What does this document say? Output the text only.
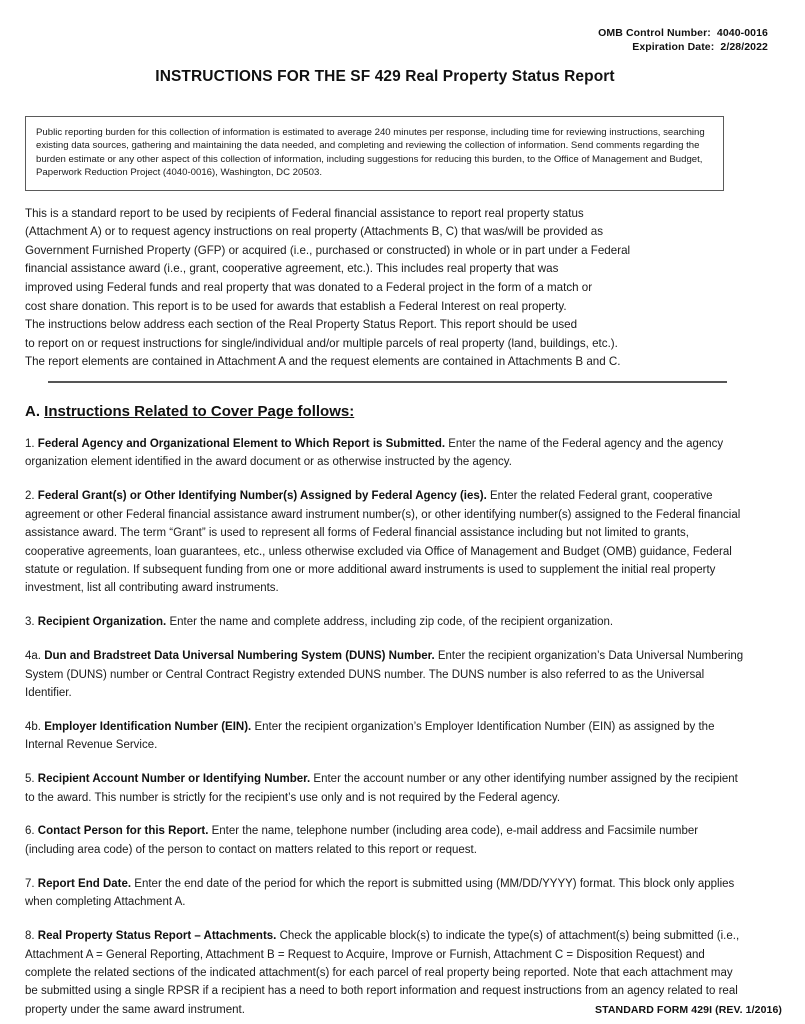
OMB Control Number:  4040-0016
Expiration Date:  2/28/2022
INSTRUCTIONS FOR THE SF 429 Real Property Status Report
Public reporting burden for this collection of information is estimated to average 240 minutes per response, including time for reviewing instructions, searching existing data sources, gathering and maintaining the data needed, and completing and reviewing the collection of information. Send comments regarding the burden estimate or any other aspect of this collection of information, including suggestions for reducing this burden, to the Office of Management and Budget, Paperwork Reduction Project (4040-0016), Washington, DC 20503.
This is a standard report to be used by recipients of Federal financial assistance to report real property status
(Attachment A) or to request agency instructions on real property (Attachments B, C) that was/will be provided as
Government Furnished Property (GFP) or acquired (i.e., purchased or constructed) in whole or in part under a Federal
financial assistance award (i.e., grant, cooperative agreement, etc.). This includes real property that was
improved using Federal funds and real property that was donated to a Federal project in the form of a match or
cost share donation. This report is to be used for awards that establish a Federal Interest on real property.
The instructions below address each section of the Real Property Status Report. This report should be used
to report on or request instructions for single/individual and/or multiple parcels of real property (land, buildings, etc.).
The report elements are contained in Attachment A and the request elements are contained in Attachments B and C.
A. Instructions Related to Cover Page follows:

1. Federal Agency and Organizational Element to Which Report is Submitted. Enter the name of the Federal agency and the agency organization element identified in the award document or as otherwise instructed by the agency.

2. Federal Grant(s) or Other Identifying Number(s) Assigned by Federal Agency (ies). Enter the related Federal grant, cooperative agreement or other Federal financial assistance award instrument number(s), or other identifying number(s) assigned to the Federal financial assistance award. The term “Grant” is used to represent all forms of Federal financial assistance including but not limited to grants, cooperative agreements, loan guarantees, etc., unless otherwise excluded via Office of Management and Budget (OMB) guidance, Federal statute or regulation. If subsequent funding from one or more additional award instruments is used to supplement the initial real property investment, list all contributing award instruments.

3. Recipient Organization. Enter the name and complete address, including zip code, of the recipient organization.

4a. Dun and Bradstreet Data Universal Numbering System (DUNS) Number. Enter the recipient organization’s Data Universal Numbering System (DUNS) number or Central Contract Registry extended DUNS number. The DUNS number is also referred to as the Universal Identifier.

4b. Employer Identification Number (EIN). Enter the recipient organization’s Employer Identification Number (EIN) as assigned by the Internal Revenue Service.

5. Recipient Account Number or Identifying Number. Enter the account number or any other identifying number assigned by the recipient to the award. This number is strictly for the recipient’s use only and is not required by the Federal agency.

6. Contact Person for this Report. Enter the name, telephone number (including area code), e-mail address and Facsimile number (including area code) of the person to contact on matters related to this report or request.

7. Report End Date. Enter the end date of the period for which the report is submitted using (MM/DD/YYYY) format. This block only applies when completing Attachment A.

8. Real Property Status Report – Attachments. Check the applicable block(s) to indicate the type(s) of attachment(s) being submitted (i.e., Attachment A = General Reporting, Attachment B = Request to Acquire, Improve or Furnish, Attachment C = Disposition Request) and complete the related sections of the indicated attachment(s) for each parcel of real property being reported. Note that each attachment may be submitted using a single RPSR if a recipient has a need to both report information and request instructions from an agency related to real property under the same award instrument.	STANDARD FORM 429I (REV. 1/2016)
